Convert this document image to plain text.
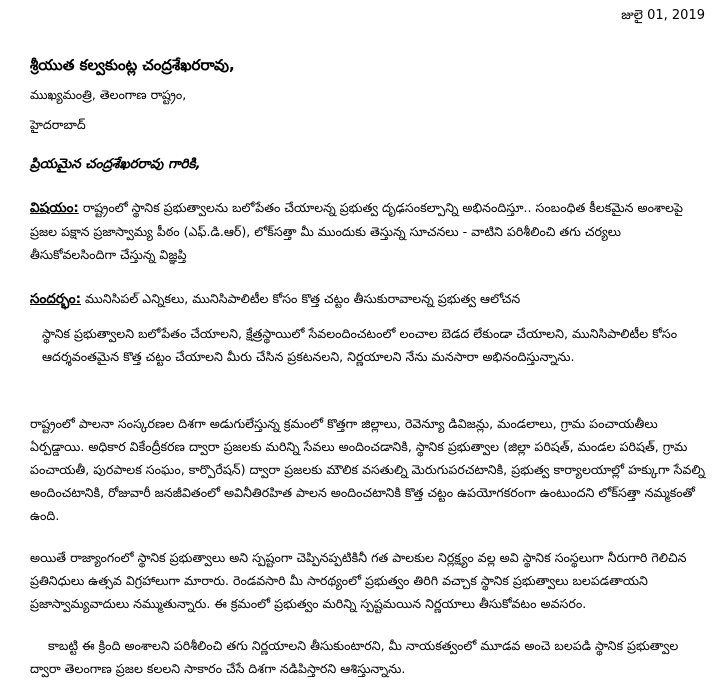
జులై 01, 2019
శ్రీయుత కల్వకుంట్ల చంద్రశేఖరరావు,
ముఖ్యమంత్రి, తెలంగాణ రాష్ట్రం,
హైదరాబాద్
ప్రియమైన చంద్రశేఖరరావు గారికి,
విషయం: రాష్ట్రంలో స్థానిక ప్రభుత్వాలను బలోపేతం చేయాలన్న ప్రభుత్వ దృఢసంకల్పాన్ని అభినందిస్తూ.. సంబంధిత కీలకమైన అంశాలపై ప్రజల పక్షాన ప్రజాస్వామ్య పీఠం (ఎఫ్.డి.ఆర్), లోక్‌సత్తా మీ ముందుకు తెస్తున్న సూచనలు - వాటిని పరిశీలించి తగు చర్యలు తీసుకోవలసిందిగా చేస్తున్న విజ్ఞప్తి
సందర్భం: మునిసిపల్ ఎన్నికలు, మునిసిపాలిటీల కోసం కొత్త చట్టం తీసుకురావాలన్న ప్రభుత్వ ఆలోచన
స్థానిక ప్రభుత్వాలని బలోపేతం చేయాలని, క్షేత్రస్థాయిలో సేవలందించటంలో లంచాల బెడద లేకుండా చేయాలని, మునిసిపాలిటీల కోసం ఆదర్శవంతమైన కొత్త చట్టం చేయాలని మీరు చేసిన ప్రకటనలని, నిర్ణయాలని నేను మనసారా అభినందిస్తున్నాను.
రాష్ట్రంలో పాలనా సంస్కరణల దిశగా అడుగులేస్తున్న క్రమంలో కొత్తగా జిల్లాలు, రెవెన్యూ డివిజన్లు, మండలాలు, గ్రామ పంచాయతీలు ఏర్పడ్డాయి. అధికార వికేంద్రీకరణ ద్వారా ప్రజలకు మరిన్ని సేవలు అందించడానికి, స్థానిక ప్రభుత్వాల (జిల్లా పరిషత్, మండల పరిషత్, గ్రామ పంచాయతీ, పురపాలక సంఘం, కార్పొరేషన్) ద్వారా ప్రజలకు మౌలిక వసతుల్ని మెరుగుపరచటానికి, ప్రభుత్వ కార్యాలయాల్లో హక్కుగా సేవల్ని అందించటానికి, రోజువారీ జనజీవితంలో అవినీతిరహిత పాలన అందించటానికి కొత్త చట్టం ఉపయోగకరంగా ఉంటుందని లోక్‌సత్తా నమ్మకంతో ఉంది.
అయితే రాజ్యాంగంలో స్థానిక ప్రభుత్వాలు అని స్పష్టంగా చెప్పినప్పటికినీ గత పాలకుల నిర్లక్ష్యం వల్ల అవి స్థానిక సంస్థలుగా నీరుగారి గెలిచిన ప్రతినిధులు ఉత్సవ విగ్రహాలుగా మారారు. రెండవసారి మీ సారథ్యంలో ప్రభుత్వం తిరిగి వచ్చాక స్థానిక ప్రభుత్వాలు బలపడతాయని ప్రజాస్వామ్యవాదులు నమ్ముతున్నారు. ఈ క్రమంలో ప్రభుత్వం మరిన్ని స్పష్టమయిన నిర్ణయాలు తీసుకోవటం అవసరం.
కాబట్టి ఈ క్రింది అంశాలని పరిశీలించి తగు నిర్ణయాలని తీసుకుంటారని, మీ నాయకత్వంలో మూడవ అంచె బలపడి స్థానిక ప్రభుత్వాల ద్వారా తెలంగాణ ప్రజల కలలని సాకారం చేసే దిశగా నడిపిస్తారని ఆశిస్తున్నాను.
